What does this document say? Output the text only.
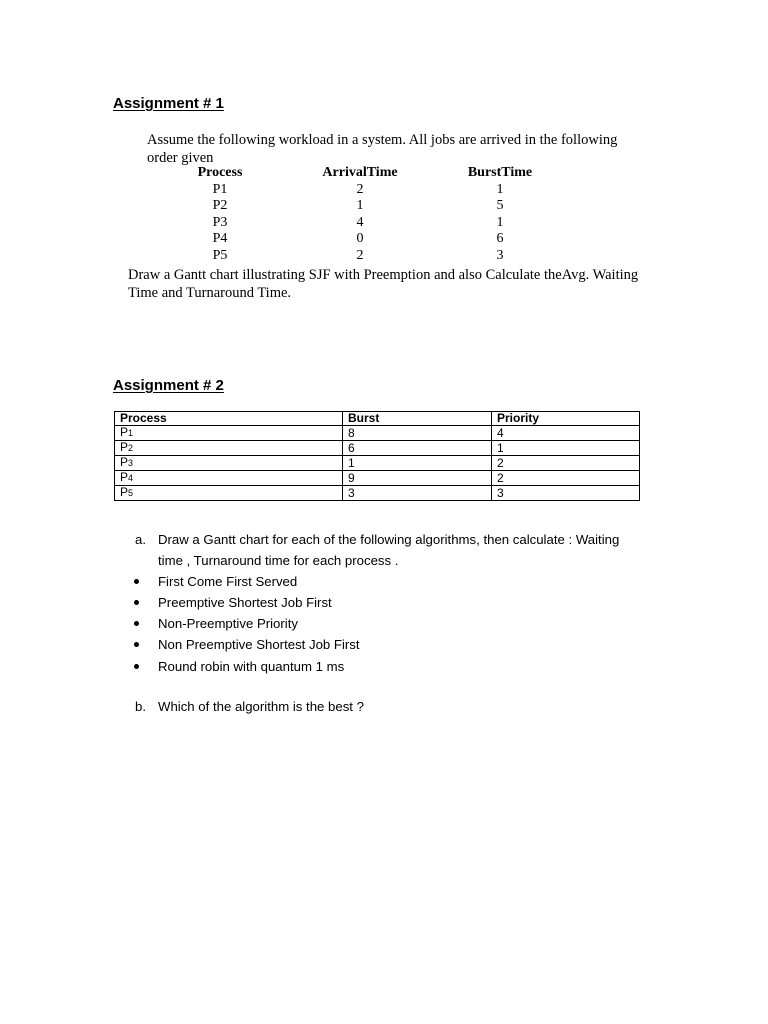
Assignment # 1
Assume the following workload in a system. All jobs are arrived in the following
order given
Process	ArrivalTime	BurstTime
P1	2	1
P2	1	5
P3	4	1
P4	0	6
P5	2	3
Draw a Gantt chart illustrating SJF with Preemption and also Calculate theAvg. Waiting
Time and Turnaround Time.
Assignment # 2
Process	Burst	Priority
P1	8	4
P2	6	1
P3	1	2
P4	9	2
P5	3	3
a. Draw a Gantt chart for each of the following algorithms, then calculate : Waiting
time , Turnaround time for each process .
First Come First Served
Preemptive Shortest Job First
Non-Preemptive Priority
Non Preemptive Shortest Job First
Round robin with quantum 1 ms
b. Which of the algorithm is the best ?
